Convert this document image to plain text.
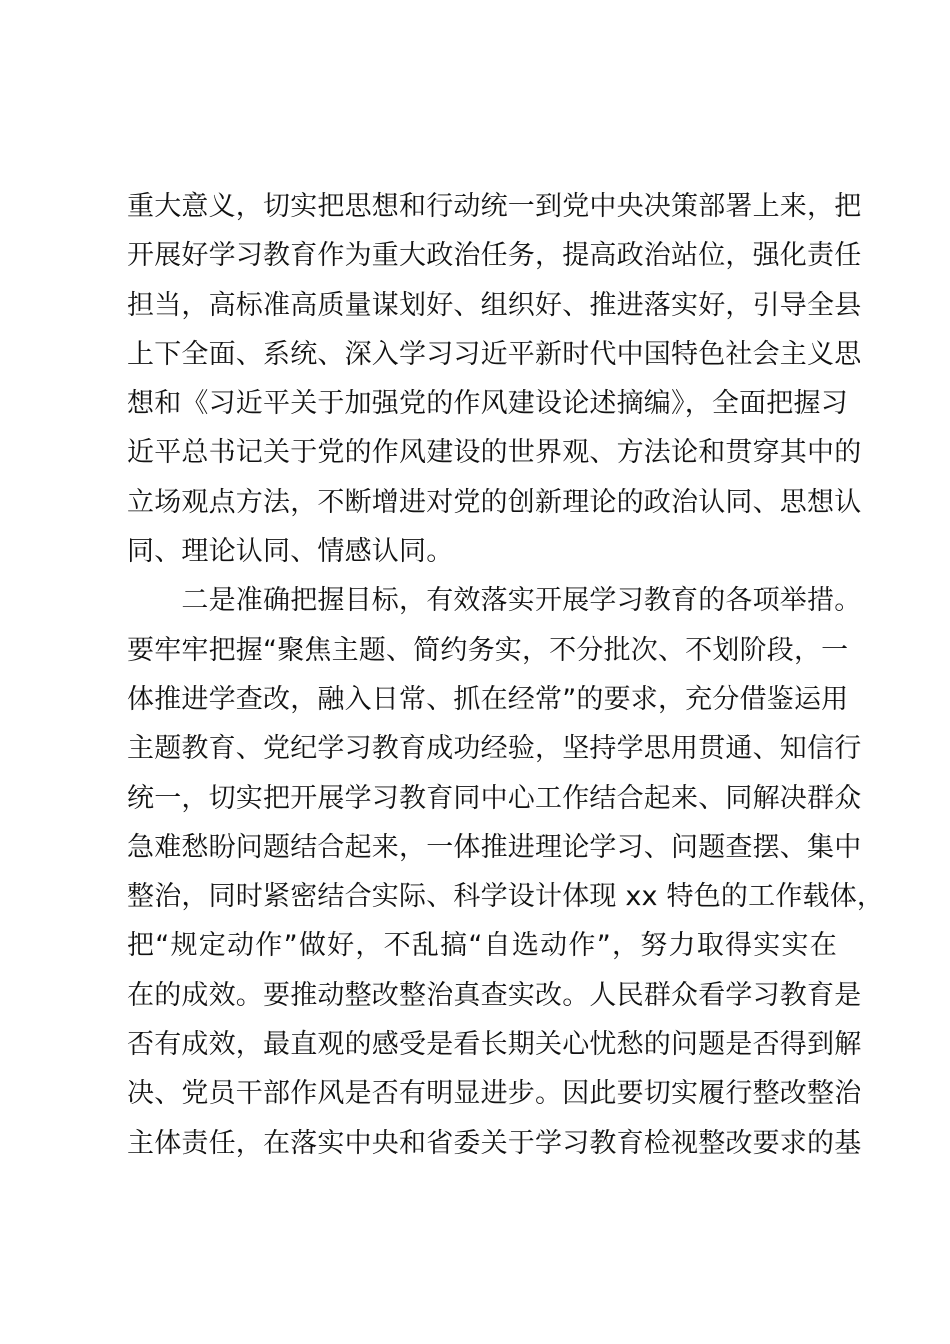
重大意义，切实把思想和行动统一到党中央决策部署上来，把
开展好学习教育作为重大政治任务，提高政治站位，强化责任
担当，高标准高质量谋划好、组织好、推进落实好，引导全县
上下全面、系统、深入学习习近平新时代中国特色社会主义思
想和《习近平关于加强党的作风建设论述摘编》，全面把握习
近平总书记关于党的作风建设的世界观、方法论和贯穿其中的
立场观点方法，不断增进对党的创新理论的政治认同、思想认
同、理论认同、情感认同。
　　二是准确把握目标，有效落实开展学习教育的各项举措。
要牢牢把握“聚焦主题、简约务实，不分批次、不划阶段，一
体推进学查改，融入日常、抓在经常”的要求，充分借鉴运用
主题教育、党纪学习教育成功经验，坚持学思用贯通、知信行
统一，切实把开展学习教育同中心工作结合起来、同解决群众
急难愁盼问题结合起来，一体推进理论学习、问题查摆、集中
整治，同时紧密结合实际、科学设计体现 xx 特色的工作载体，
把“规定动作”做好，不乱搞“自选动作”，努力取得实实在
在的成效。要推动整改整治真查实改。人民群众看学习教育是
否有成效，最直观的感受是看长期关心忧愁的问题是否得到解
决、党员干部作风是否有明显进步。因此要切实履行整改整治
主体责任，在落实中央和省委关于学习教育检视整改要求的基
